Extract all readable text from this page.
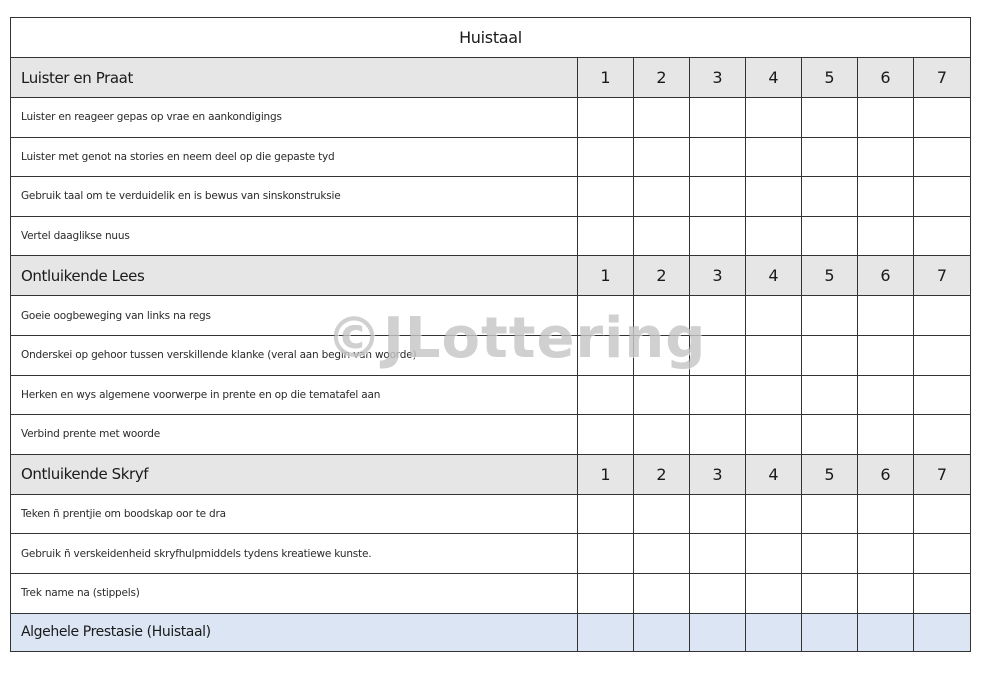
Huistaal							
Luister en Praat	1	2	3	4	5	6	7
Luister en reageer gepas op vrae en aankondigings							
Luister met genot na stories en neem deel op die gepaste tyd							
Gebruik taal om te verduidelik en is bewus van sinskonstruksie							
Vertel daaglikse nuus							
Ontluikende Lees	1	2	3	4	5	6	7
Goeie oogbeweging van links na regs							
Onderskei op gehoor tussen verskillende klanke (veral aan begin van woorde)							
Herken en wys algemene voorwerpe in prente en op die tematafel aan							
Verbind prente met woorde							
Ontluikende Skryf	1	2	3	4	5	6	7
Teken ñ prentjie om boodskap oor te dra							
Gebruik ñ verskeidenheid skryfhulpmiddels tydens kreatiewe kunste.							
Trek name na (stippels)							
Algehele Prestasie (Huistaal)							
©JLottering
